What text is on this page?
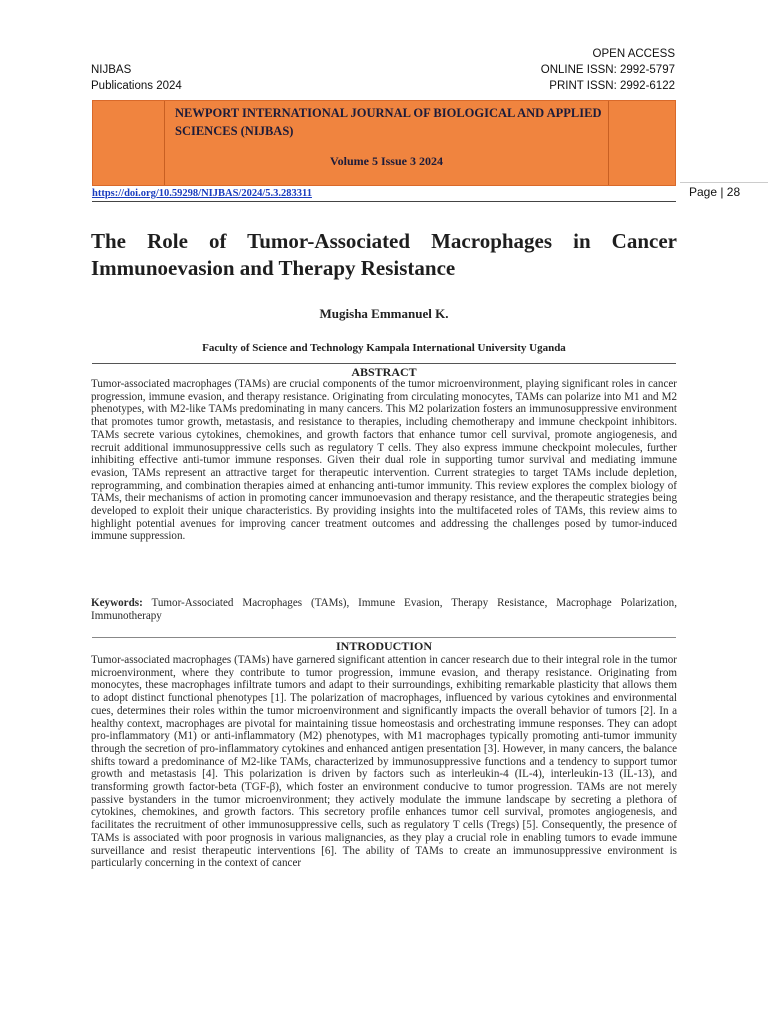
NIJBAS
Publications 2024
OPEN ACCESS
ONLINE ISSN: 2992-5797
PRINT ISSN: 2992-6122
NEWPORT INTERNATIONAL JOURNAL OF BIOLOGICAL AND APPLIED SCIENCES (NIJBAS)
Volume 5 Issue 3 2024
https://doi.org/10.59298/NIJBAS/2024/5.3.283311	Page | 28
The Role of Tumor-Associated Macrophages in Cancer Immunoevasion and Therapy Resistance
Mugisha Emmanuel K.
Faculty of Science and Technology Kampala International University Uganda
ABSTRACT

Tumor-associated macrophages (TAMs) are crucial components of the tumor microenvironment, playing significant roles in cancer progression, immune evasion, and therapy resistance. Originating from circulating monocytes, TAMs can polarize into M1 and M2 phenotypes, with M2-like TAMs predominating in many cancers. This M2 polarization fosters an immunosuppressive environment that promotes tumor growth, metastasis, and resistance to therapies, including chemotherapy and immune checkpoint inhibitors. TAMs secrete various cytokines, chemokines, and growth factors that enhance tumor cell survival, promote angiogenesis, and recruit additional immunosuppressive cells such as regulatory T cells. They also express immune checkpoint molecules, further inhibiting effective anti-tumor immune responses. Given their dual role in supporting tumor survival and mediating immune evasion, TAMs represent an attractive target for therapeutic intervention. Current strategies to target TAMs include depletion, reprogramming, and combination therapies aimed at enhancing anti-tumor immunity. This review explores the complex biology of TAMs, their mechanisms of action in promoting cancer immunoevasion and therapy resistance, and the therapeutic strategies being developed to exploit their unique characteristics. By providing insights into the multifaceted roles of TAMs, this review aims to highlight potential avenues for improving cancer treatment outcomes and addressing the challenges posed by tumor-induced immune suppression.

Keywords: Tumor-Associated Macrophages (TAMs), Immune Evasion, Therapy Resistance, Macrophage Polarization, Immunotherapy

INTRODUCTION

Tumor-associated macrophages (TAMs) have garnered significant attention in cancer research due to their integral role in the tumor microenvironment, where they contribute to tumor progression, immune evasion, and therapy resistance. Originating from monocytes, these macrophages infiltrate tumors and adapt to their surroundings, exhibiting remarkable plasticity that allows them to adopt distinct functional phenotypes [1]. The polarization of macrophages, influenced by various cytokines and environmental cues, determines their roles within the tumor microenvironment and significantly impacts the overall behavior of tumors [2]. In a healthy context, macrophages are pivotal for maintaining tissue homeostasis and orchestrating immune responses. They can adopt pro-inflammatory (M1) or anti-inflammatory (M2) phenotypes, with M1 macrophages typically promoting anti-tumor immunity through the secretion of pro-inflammatory cytokines and enhanced antigen presentation [3]. However, in many cancers, the balance shifts toward a predominance of M2-like TAMs, characterized by immunosuppressive functions and a tendency to support tumor growth and metastasis [4]. This polarization is driven by factors such as interleukin-4 (IL-4), interleukin-13 (IL-13), and transforming growth factor-beta (TGF-β), which foster an environment conducive to tumor progression. TAMs are not merely passive bystanders in the tumor microenvironment; they actively modulate the immune landscape by secreting a plethora of cytokines, chemokines, and growth factors. This secretory profile enhances tumor cell survival, promotes angiogenesis, and facilitates the recruitment of other immunosuppressive cells, such as regulatory T cells (Tregs) [5]. Consequently, the presence of TAMs is associated with poor prognosis in various malignancies, as they play a crucial role in enabling tumors to evade immune surveillance and resist therapeutic interventions [6]. The ability of TAMs to create an immunosuppressive environment is particularly concerning in the context of cancer
